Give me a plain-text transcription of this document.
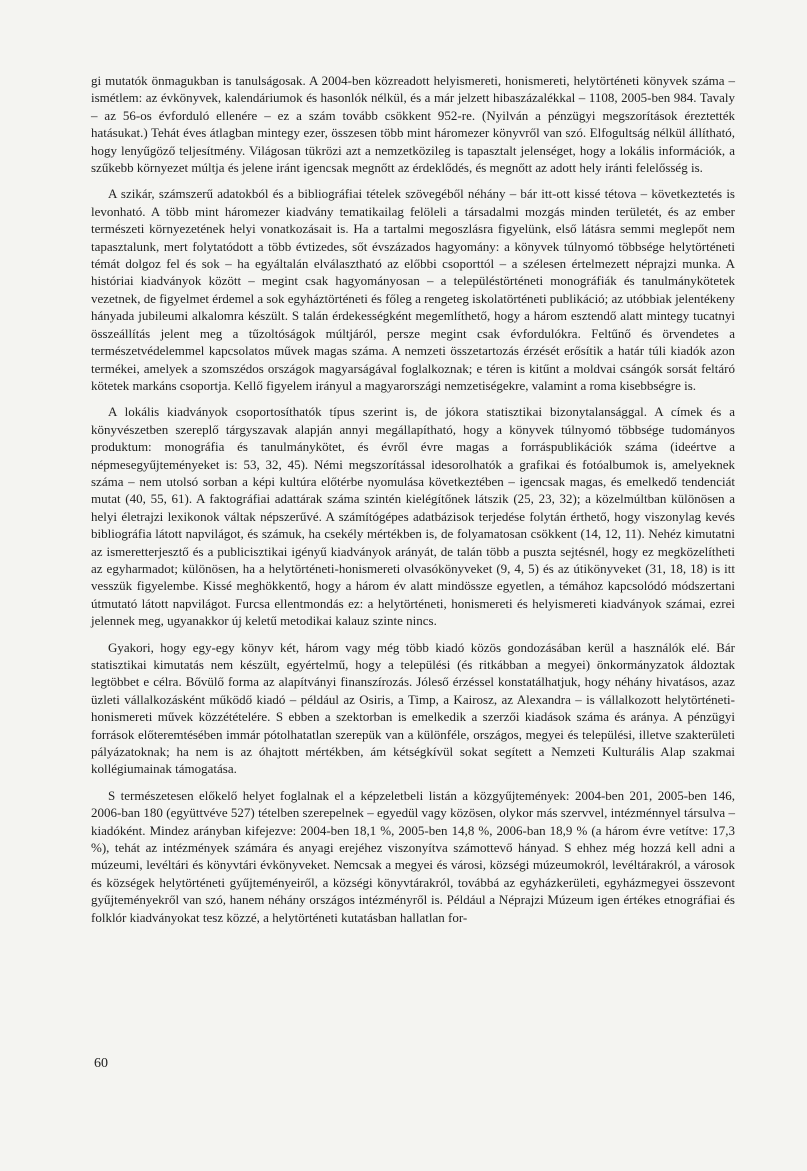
gi mutatók önmagukban is tanulságosak. A 2004-ben közreadott helyismereti, honismereti, helytörténeti könyvek száma – ismétlem: az évkönyvek, kalendáriumok és hasonlók nélkül, és a már jelzett hibaszázalékkal – 1108, 2005-ben 984. Tavaly – az 56-os évforduló ellenére – ez a szám tovább csökkent 952-re. (Nyilván a pénzügyi megszorítások éreztették hatásukat.) Tehát éves átlagban mintegy ezer, összesen több mint háromezer könyvről van szó. Elfogultság nélkül állítható, hogy lenyűgöző teljesítmény. Világosan tükrözi azt a nemzetközileg is tapasztalt jelenséget, hogy a lokális információk, a szűkebb környezet múltja és jelene iránt igencsak megnőtt az érdeklődés, és megnőtt az adott hely iránti felelősség is.

A szikár, számszerű adatokból és a bibliográfiai tételek szövegéből néhány – bár itt-ott kissé tétova – következtetés is levonható. A több mint háromezer kiadvány tematikailag felöleli a társadalmi mozgás minden területét, és az ember természeti környezetének helyi vonatkozásait is. Ha a tartalmi megoszlásra figyelünk, első látásra semmi meglepőt nem tapasztalunk, mert folytatódott a több évtizedes, sőt évszázados hagyomány: a könyvek túlnyomó többsége helytörténeti témát dolgoz fel és sok – ha egyáltalán elválasztható az előbbi csoporttól – a szélesen értelmezett néprajzi munka. A históriai kiadványok között – megint csak hagyományosan – a településtörténeti monográfiák és tanulmánykötetek vezetnek, de figyelmet érdemel a sok egyháztörténeti és főleg a rengeteg iskolatörténeti publikáció; az utóbbiak jelentékeny hányada jubileumi alkalomra készült. S talán érdekességként megemlíthető, hogy a három esztendő alatt mintegy tucatnyi összeállítás jelent meg a tűzoltóságok múltjáról, persze megint csak évfordulókra. Feltűnő és örvendetes a természetvédelemmel kapcsolatos művek magas száma. A nemzeti összetartozás érzését erősítik a határ túli kiadók azon termékei, amelyek a szomszédos országok magyarságával foglalkoznak; e téren is kitűnt a moldvai csángók sorsát feltáró kötetek markáns csoportja. Kellő figyelem irányul a magyarországi nemzetiségekre, valamint a roma kisebbségre is.

A lokális kiadványok csoportosíthatók típus szerint is, de jókora statisztikai bizonytalansággal. A címek és a könyvészetben szereplő tárgyszavak alapján annyi megállapítható, hogy a könyvek túlnyomó többsége tudományos produktum: monográfia és tanulmánykötet, és évről évre magas a forráspublikációk száma (ideértve a népmesegyűjteményeket is: 53, 32, 45). Némi megszorítással idesorolhatók a grafikai és fotóalbumok is, amelyeknek száma – nem utolsó sorban a képi kultúra előtérbe nyomulása következtében – igencsak magas, és emelkedő tendenciát mutat (40, 55, 61). A faktográfiai adattárak száma szintén kielégítőnek látszik (25, 23, 32); a közelmúltban különösen a helyi életrajzi lexikonok váltak népszerűvé. A számítógépes adatbázisok terjedése folytán érthető, hogy viszonylag kevés bibliográfia látott napvilágot, és számuk, ha csekély mértékben is, de folyamatosan csökkent (14, 12, 11). Nehéz kimutatni az ismeretterjesztő és a publicisztikai igényű kiadványok arányát, de talán több a puszta sejtésnél, hogy ez megközelítheti az egyharmadot; különösen, ha a helytörténeti-honismereti olvasókönyveket (9, 4, 5) és az útikönyveket (31, 18, 18) is itt vesszük figyelembe. Kissé meghökkentő, hogy a három év alatt mindössze egyetlen, a témához kapcsolódó módszertani útmutató látott napvilágot. Furcsa ellentmondás ez: a helytörténeti, honismereti és helyismereti kiadványok számai, ezrei jelennek meg, ugyanakkor új keletű metodikai kalauz szinte nincs.

Gyakori, hogy egy-egy könyv két, három vagy még több kiadó közös gondozásában kerül a használók elé. Bár statisztikai kimutatás nem készült, egyértelmű, hogy a települési (és ritkábban a megyei) önkormányzatok áldoztak legtöbbet e célra. Bővülő forma az alapítványi finanszírozás. Jóleső érzéssel konstatálhatjuk, hogy néhány hivatásos, azaz üzleti vállalkozásként működő kiadó – például az Osiris, a Timp, a Kairosz, az Alexandra – is vállalkozott helytörténeti-honismereti művek közzétételére. S ebben a szektorban is emelkedik a szerzői kiadások száma és aránya. A pénzügyi források előteremtésében immár pótolhatatlan szerepük van a különféle, országos, megyei és települési, illetve szakterületi pályázatoknak; ha nem is az óhajtott mértékben, ám kétségkívül sokat segített a Nemzeti Kulturális Alap szakmai kollégiumainak támogatása.

S természetesen előkelő helyet foglalnak el a képzeletbeli listán a közgyűjtemények: 2004-ben 201, 2005-ben 146, 2006-ban 180 (együttvéve 527) tételben szerepelnek – egyedül vagy közösen, olykor más szervvel, intézménnyel társulva – kiadóként. Mindez arányban kifejezve: 2004-ben 18,1 %, 2005-ben 14,8 %, 2006-ban 18,9 % (a három évre vetítve: 17,3 %), tehát az intézmények számára és anyagi erejéhez viszonyítva számottevő hányad. S ehhez még hozzá kell adni a múzeumi, levéltári és könyvtári évkönyveket. Nemcsak a megyei és városi, községi múzeumokról, levéltárakról, a városok és községek helytörténeti gyűjteményeiről, a községi könyvtárakról, továbbá az egyházkerületi, egyházmegyei összevont gyűjteményekről van szó, hanem néhány országos intézményről is. Például a Néprajzi Múzeum igen értékes etnográfiai és folklór kiadványokat tesz közzé, a helytörténeti kutatásban hallatlan for-

60
